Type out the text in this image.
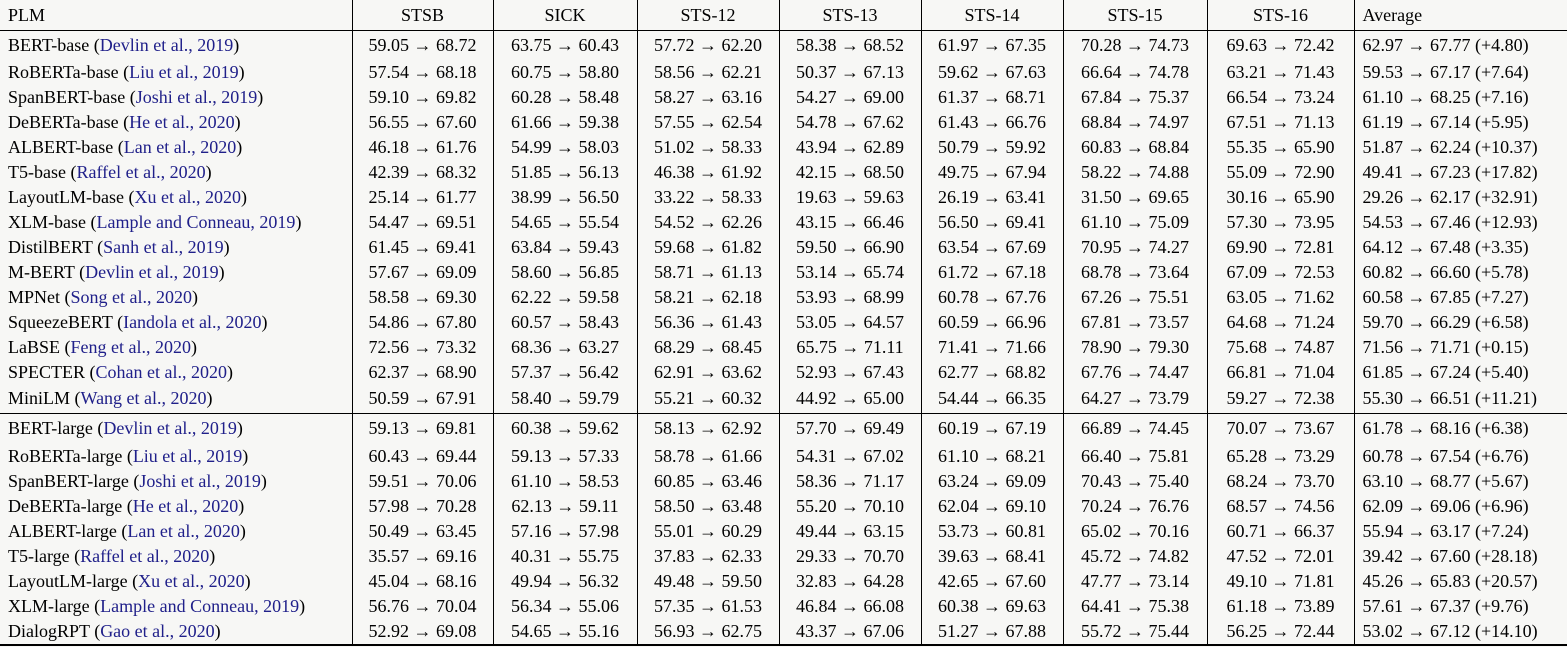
PLM	STSB	SICK	STS-12	STS-13	STS-14	STS-15	STS-16	Average
BERT-base (Devlin et al., 2019)	59.05 → 68.72	63.75 → 60.43	57.72 → 62.20	58.38 → 68.52	61.97 → 67.35	70.28 → 74.73	69.63 → 72.42	62.97 → 67.77 (+4.80)
RoBERTa-base (Liu et al., 2019)	57.54 → 68.18	60.75 → 58.80	58.56 → 62.21	50.37 → 67.13	59.62 → 67.63	66.64 → 74.78	63.21 → 71.43	59.53 → 67.17 (+7.64)
SpanBERT-base (Joshi et al., 2019)	59.10 → 69.82	60.28 → 58.48	58.27 → 63.16	54.27 → 69.00	61.37 → 68.71	67.84 → 75.37	66.54 → 73.24	61.10 → 68.25 (+7.16)
DeBERTa-base (He et al., 2020)	56.55 → 67.60	61.66 → 59.38	57.55 → 62.54	54.78 → 67.62	61.43 → 66.76	68.84 → 74.97	67.51 → 71.13	61.19 → 67.14 (+5.95)
ALBERT-base (Lan et al., 2020)	46.18 → 61.76	54.99 → 58.03	51.02 → 58.33	43.94 → 62.89	50.79 → 59.92	60.83 → 68.84	55.35 → 65.90	51.87 → 62.24 (+10.37)
T5-base (Raffel et al., 2020)	42.39 → 68.32	51.85 → 56.13	46.38 → 61.92	42.15 → 68.50	49.75 → 67.94	58.22 → 74.88	55.09 → 72.90	49.41 → 67.23 (+17.82)
LayoutLM-base (Xu et al., 2020)	25.14 → 61.77	38.99 → 56.50	33.22 → 58.33	19.63 → 59.63	26.19 → 63.41	31.50 → 69.65	30.16 → 65.90	29.26 → 62.17 (+32.91)
XLM-base (Lample and Conneau, 2019)	54.47 → 69.51	54.65 → 55.54	54.52 → 62.26	43.15 → 66.46	56.50 → 69.41	61.10 → 75.09	57.30 → 73.95	54.53 → 67.46 (+12.93)
DistilBERT (Sanh et al., 2019)	61.45 → 69.41	63.84 → 59.43	59.68 → 61.82	59.50 → 66.90	63.54 → 67.69	70.95 → 74.27	69.90 → 72.81	64.12 → 67.48 (+3.35)
M-BERT (Devlin et al., 2019)	57.67 → 69.09	58.60 → 56.85	58.71 → 61.13	53.14 → 65.74	61.72 → 67.18	68.78 → 73.64	67.09 → 72.53	60.82 → 66.60 (+5.78)
MPNet (Song et al., 2020)	58.58 → 69.30	62.22 → 59.58	58.21 → 62.18	53.93 → 68.99	60.78 → 67.76	67.26 → 75.51	63.05 → 71.62	60.58 → 67.85 (+7.27)
SqueezeBERT (Iandola et al., 2020)	54.86 → 67.80	60.57 → 58.43	56.36 → 61.43	53.05 → 64.57	60.59 → 66.96	67.81 → 73.57	64.68 → 71.24	59.70 → 66.29 (+6.58)
LaBSE (Feng et al., 2020)	72.56 → 73.32	68.36 → 63.27	68.29 → 68.45	65.75 → 71.11	71.41 → 71.66	78.90 → 79.30	75.68 → 74.87	71.56 → 71.71 (+0.15)
SPECTER (Cohan et al., 2020)	62.37 → 68.90	57.37 → 56.42	62.91 → 63.62	52.93 → 67.43	62.77 → 68.82	67.76 → 74.47	66.81 → 71.04	61.85 → 67.24 (+5.40)
MiniLM (Wang et al., 2020)	50.59 → 67.91	58.40 → 59.79	55.21 → 60.32	44.92 → 65.00	54.44 → 66.35	64.27 → 73.79	59.27 → 72.38	55.30 → 66.51 (+11.21)
BERT-large (Devlin et al., 2019)	59.13 → 69.81	60.38 → 59.62	58.13 → 62.92	57.70 → 69.49	60.19 → 67.19	66.89 → 74.45	70.07 → 73.67	61.78 → 68.16 (+6.38)
RoBERTa-large (Liu et al., 2019)	60.43 → 69.44	59.13 → 57.33	58.78 → 61.66	54.31 → 67.02	61.10 → 68.21	66.40 → 75.81	65.28 → 73.29	60.78 → 67.54 (+6.76)
SpanBERT-large (Joshi et al., 2019)	59.51 → 70.06	61.10 → 58.53	60.85 → 63.46	58.36 → 71.17	63.24 → 69.09	70.43 → 75.40	68.24 → 73.70	63.10 → 68.77 (+5.67)
DeBERTa-large (He et al., 2020)	57.98 → 70.28	62.13 → 59.11	58.50 → 63.48	55.20 → 70.10	62.04 → 69.10	70.24 → 76.76	68.57 → 74.56	62.09 → 69.06 (+6.96)
ALBERT-large (Lan et al., 2020)	50.49 → 63.45	57.16 → 57.98	55.01 → 60.29	49.44 → 63.15	53.73 → 60.81	65.02 → 70.16	60.71 → 66.37	55.94 → 63.17 (+7.24)
T5-large (Raffel et al., 2020)	35.57 → 69.16	40.31 → 55.75	37.83 → 62.33	29.33 → 70.70	39.63 → 68.41	45.72 → 74.82	47.52 → 72.01	39.42 → 67.60 (+28.18)
LayoutLM-large (Xu et al., 2020)	45.04 → 68.16	49.94 → 56.32	49.48 → 59.50	32.83 → 64.28	42.65 → 67.60	47.77 → 73.14	49.10 → 71.81	45.26 → 65.83 (+20.57)
XLM-large (Lample and Conneau, 2019)	56.76 → 70.04	56.34 → 55.06	57.35 → 61.53	46.84 → 66.08	60.38 → 69.63	64.41 → 75.38	61.18 → 73.89	57.61 → 67.37 (+9.76)
DialogRPT (Gao et al., 2020)	52.92 → 69.08	54.65 → 55.16	56.93 → 62.75	43.37 → 67.06	51.27 → 67.88	55.72 → 75.44	56.25 → 72.44	53.02 → 67.12 (+14.10)
